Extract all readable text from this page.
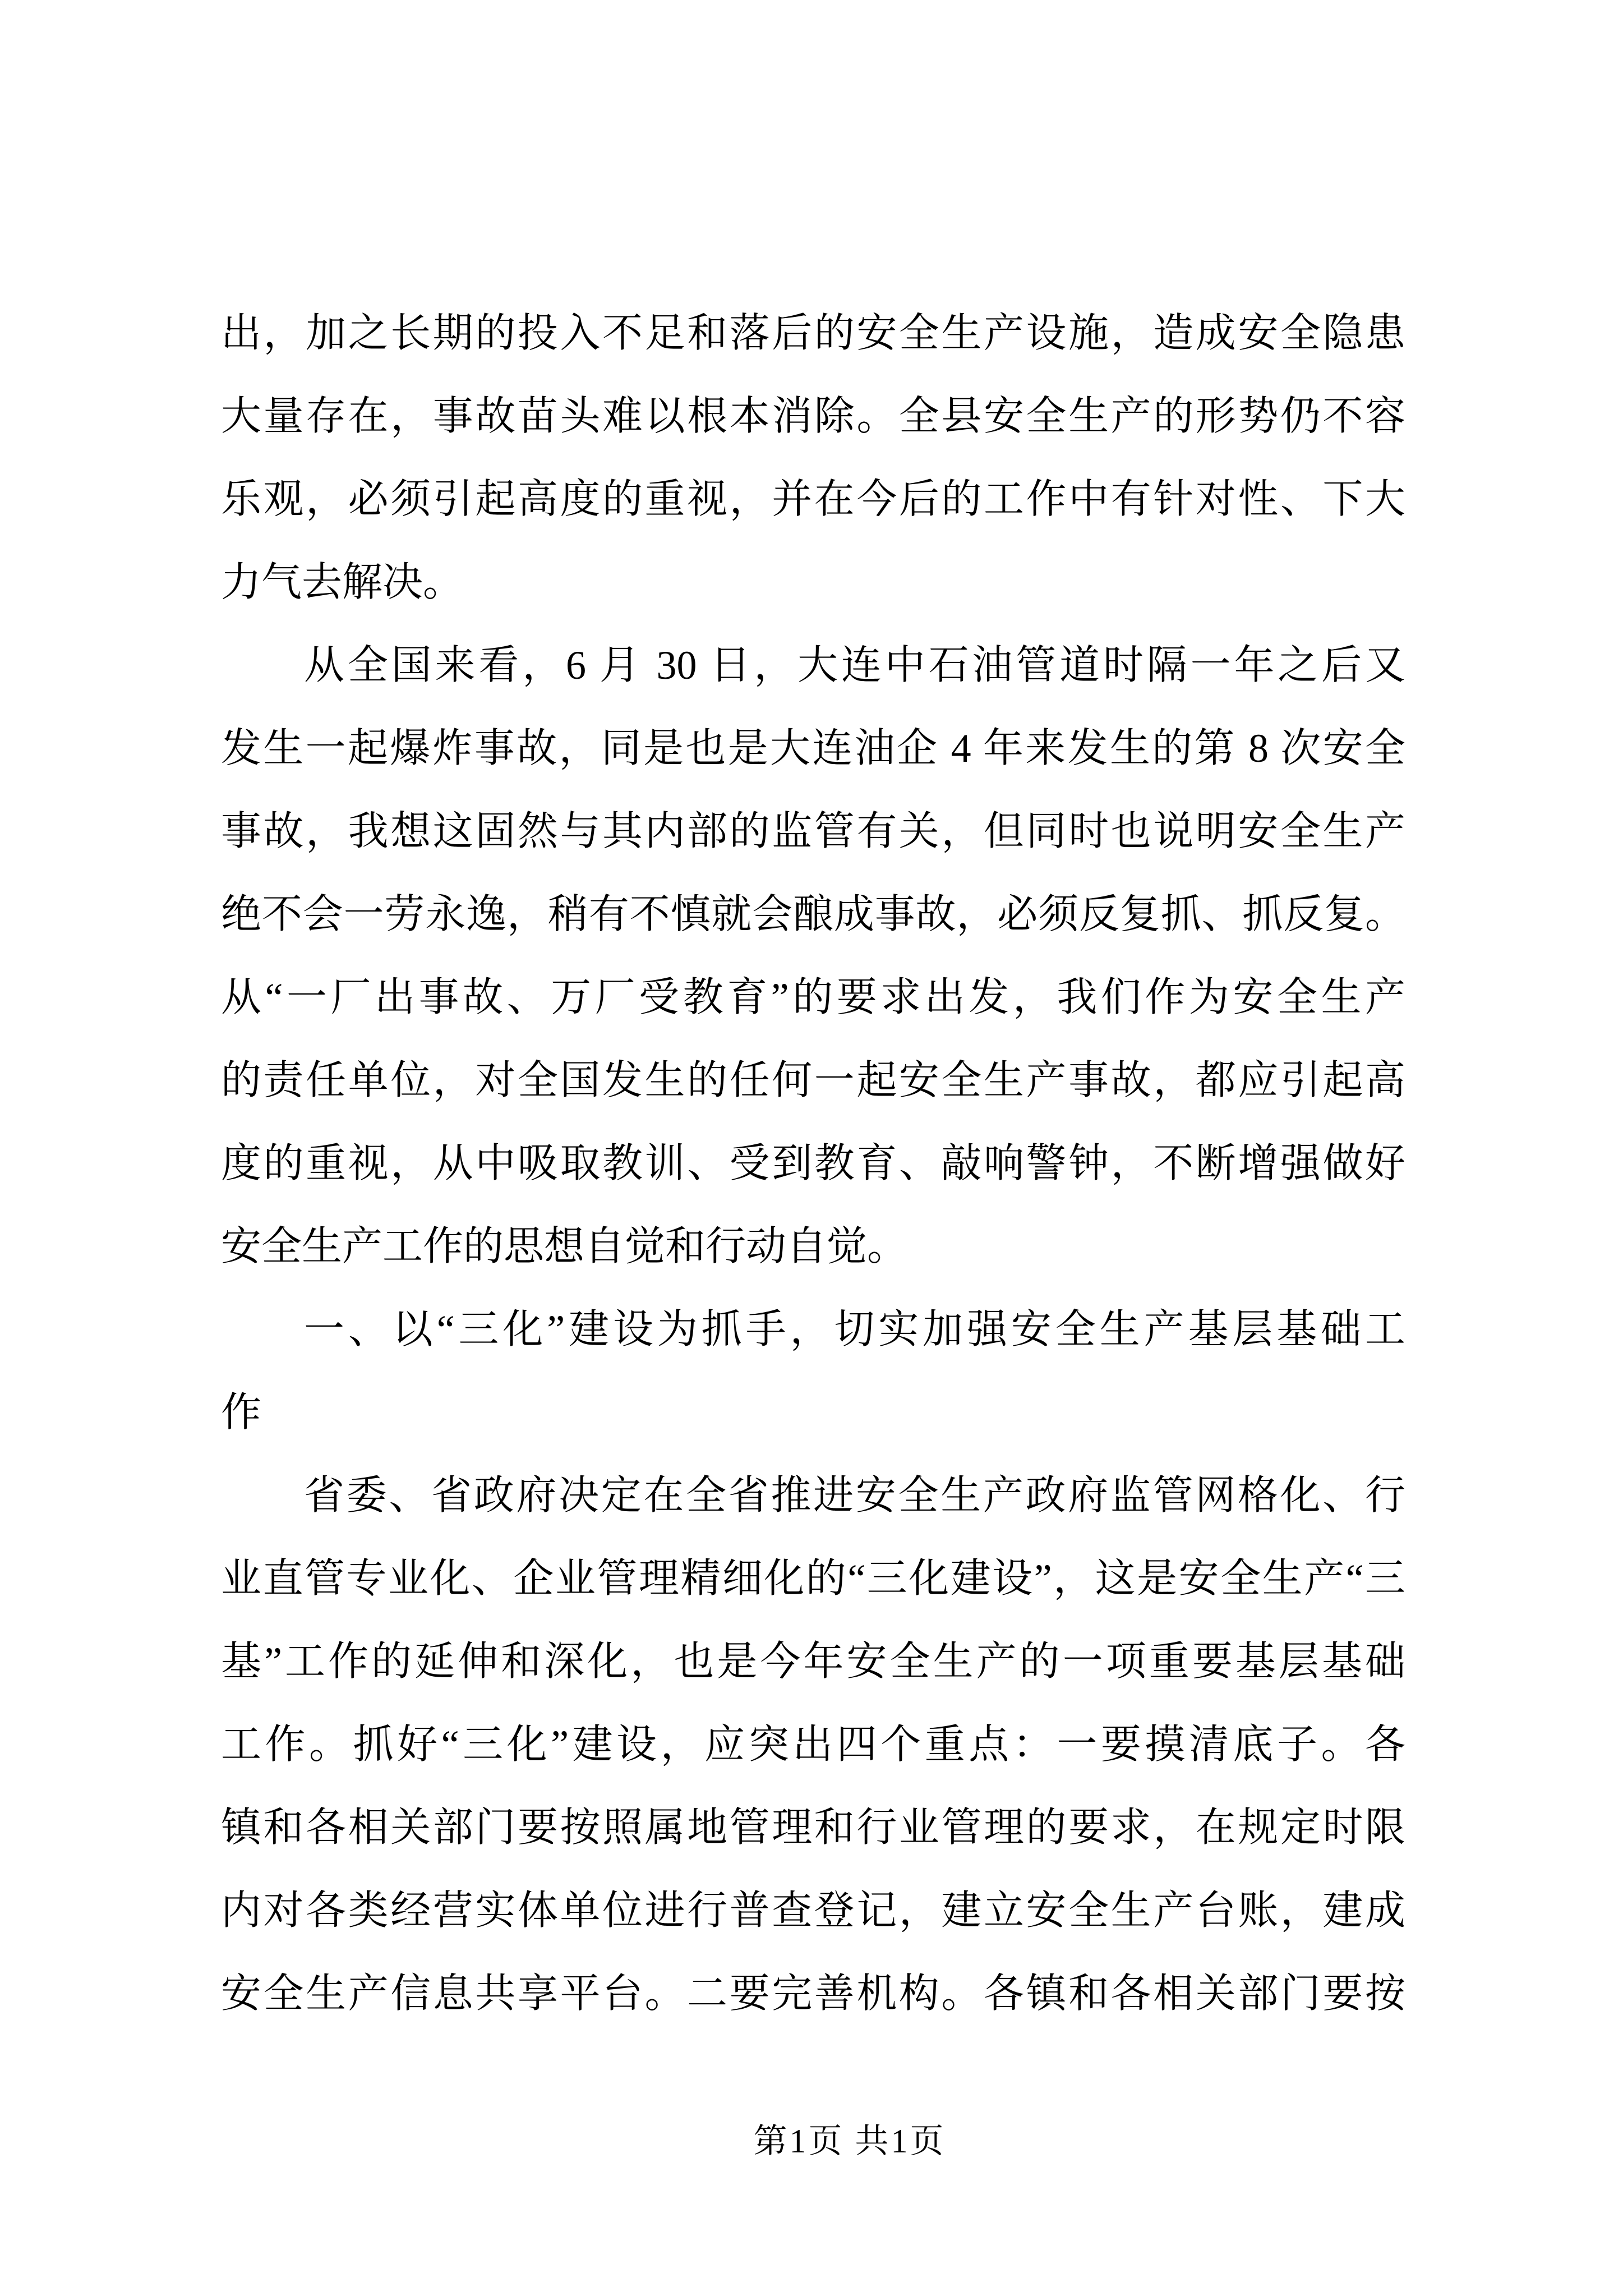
出，加之长期的投入不足和落后的安全生产设施，造成安全隐患
大量存在，事故苗头难以根本消除。全县安全生产的形势仍不容
乐观，必须引起高度的重视，并在今后的工作中有针对性、下大
力气去解决。
从全国来看，6 月 30 日，大连中石油管道时隔一年之后又
发生一起爆炸事故，同是也是大连油企 4 年来发生的第 8 次安全
事故，我想这固然与其内部的监管有关，但同时也说明安全生产
绝不会一劳永逸，稍有不慎就会酿成事故，必须反复抓、抓反复。
从“一厂出事故、万厂受教育”的要求出发，我们作为安全生产
的责任单位，对全国发生的任何一起安全生产事故，都应引起高
度的重视，从中吸取教训、受到教育、敲响警钟，不断增强做好
安全生产工作的思想自觉和行动自觉。
一、以“三化”建设为抓手，切实加强安全生产基层基础工
作
省委、省政府决定在全省推进安全生产政府监管网格化、行
业直管专业化、企业管理精细化的“三化建设”，这是安全生产“三
基”工作的延伸和深化，也是今年安全生产的一项重要基层基础
工作。抓好“三化”建设，应突出四个重点：一要摸清底子。各
镇和各相关部门要按照属地管理和行业管理的要求，在规定时限
内对各类经营实体单位进行普查登记，建立安全生产台账，建成
安全生产信息共享平台。二要完善机构。各镇和各相关部门要按
第1页 共1页
